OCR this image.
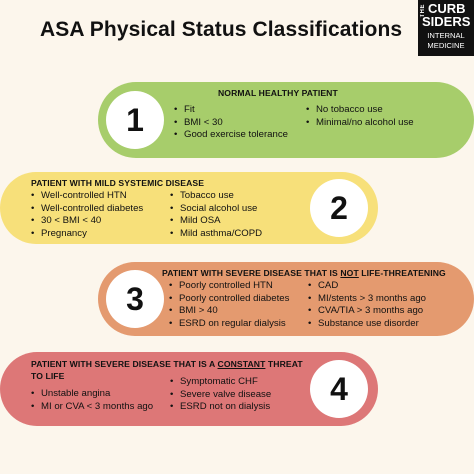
ASA Physical Status Classifications
THE CURB
SIDERS
INTERNAL
MEDICINE
1
NORMAL HEALTHY PATIENT
• Fit
• BMI < 30
• Good exercise tolerance
• No tobacco use
• Minimal/no alcohol use
PATIENT WITH MILD SYSTEMIC DISEASE
• Well-controlled HTN
• Well-controlled diabetes
• 30 < BMI < 40
• Pregnancy
• Tobacco use
• Social alcohol use
• Mild OSA
• Mild asthma/COPD
2
3
PATIENT WITH SEVERE DISEASE THAT IS NOT LIFE-THREATENING
• Poorly controlled HTN
• Poorly controlled diabetes
• BMI > 40
• ESRD on regular dialysis
• CAD
• MI/stents > 3 months ago
• CVA/TIA > 3 months ago
• Substance use disorder
PATIENT WITH SEVERE DISEASE THAT IS A CONSTANT THREAT
TO LIFE
• Unstable angina
• MI or CVA < 3 months ago
• Symptomatic CHF
• Severe valve disease
• ESRD not on dialysis
4
